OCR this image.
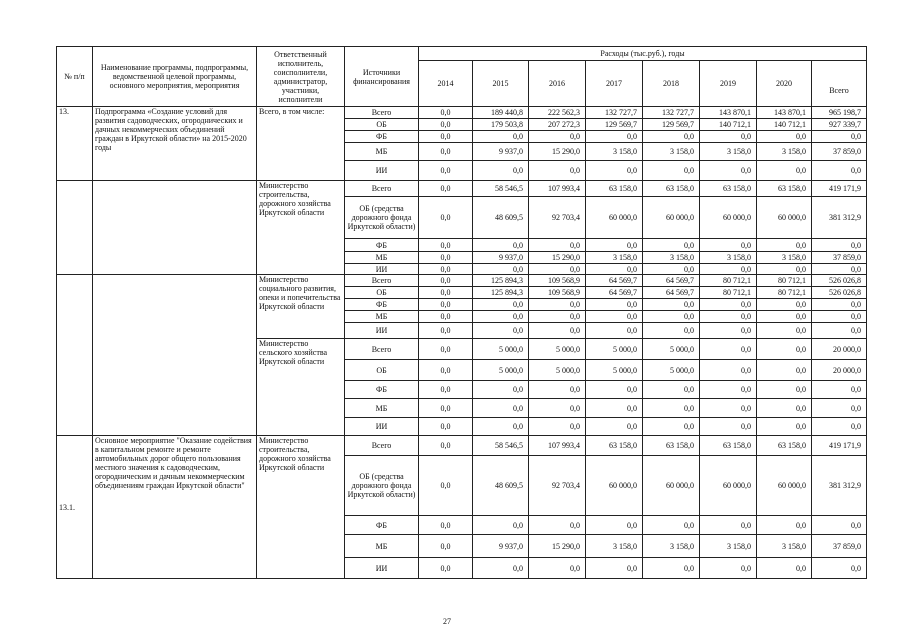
№ п/п	Наименование программы, подпрограммы, ведомственной целевой программы, основного мероприятия, мероприятия	Ответственный исполнитель, соисполнители, администратор, участники, исполнители	Источники финансирования	Расходы (тыс.руб.), годы							
				2014	2015	2016	2017	2018	2019	2020	Всего
13.	Подпрограмма «Создание условий для развития садоводческих, огороднических и дачных некоммерческих объединений граждан в Иркутской области» на 2015-2020 годы	Всего, в том числе:	Всего	0,0	189 440,8	222 562,3	132 727,7	132 727,7	143 870,1	143 870,1	965 198,7
			ОБ	0,0	179 503,8	207 272,3	129 569,7	129 569,7	140 712,1	140 712,1	927 339,7
			ФБ	0,0	0,0	0,0	0,0	0,0	0,0	0,0	0,0
			МБ	0,0	9 937,0	15 290,0	3 158,0	3 158,0	3 158,0	3 158,0	37 859,0
			ИИ	0,0	0,0	0,0	0,0	0,0	0,0	0,0	0,0
		Министерство строительства, дорожного хозяйства Иркутской области	Всего	0,0	58 546,5	107 993,4	63 158,0	63 158,0	63 158,0	63 158,0	419 171,9
			ОБ (средства дорожного фонда Иркутской области)	0,0	48 609,5	92 703,4	60 000,0	60 000,0	60 000,0	60 000,0	381 312,9
			ФБ	0,0	0,0	0,0	0,0	0,0	0,0	0,0	0,0
			МБ	0,0	9 937,0	15 290,0	3 158,0	3 158,0	3 158,0	3 158,0	37 859,0
			ИИ	0,0	0,0	0,0	0,0	0,0	0,0	0,0	0,0
		Министерство социального развития, опеки и попечительства Иркутской области	Всего	0,0	125 894,3	109 568,9	64 569,7	64 569,7	80 712,1	80 712,1	526 026,8
			ОБ	0,0	125 894,3	109 568,9	64 569,7	64 569,7	80 712,1	80 712,1	526 026,8
			ФБ	0,0	0,0	0,0	0,0	0,0	0,0	0,0	0,0
			МБ	0,0	0,0	0,0	0,0	0,0	0,0	0,0	0,0
			ИИ	0,0	0,0	0,0	0,0	0,0	0,0	0,0	0,0
		Министерство сельского хозяйства Иркутской области	Всего	0,0	5 000,0	5 000,0	5 000,0	5 000,0	0,0	0,0	20 000,0
			ОБ	0,0	5 000,0	5 000,0	5 000,0	5 000,0	0,0	0,0	20 000,0
			ФБ	0,0	0,0	0,0	0,0	0,0	0,0	0,0	0,0
			МБ	0,0	0,0	0,0	0,0	0,0	0,0	0,0	0,0
			ИИ	0,0	0,0	0,0	0,0	0,0	0,0	0,0	0,0
13.1.	Основное мероприятие "Оказание содействия в капитальном ремонте и ремонте автомобильных дорог общего пользования местного значения к садоводческим, огородническим и дачным некоммерческим объединениям граждан Иркутской области"	Министерство строительства, дорожного хозяйства Иркутской области	Всего	0,0	58 546,5	107 993,4	63 158,0	63 158,0	63 158,0	63 158,0	419 171,9
			ОБ (средства дорожного фонда Иркутской области)	0,0	48 609,5	92 703,4	60 000,0	60 000,0	60 000,0	60 000,0	381 312,9
			ФБ	0,0	0,0	0,0	0,0	0,0	0,0	0,0	0,0
			МБ	0,0	9 937,0	15 290,0	3 158,0	3 158,0	3 158,0	3 158,0	37 859,0
			ИИ	0,0	0,0	0,0	0,0	0,0	0,0	0,0	0,0
27
